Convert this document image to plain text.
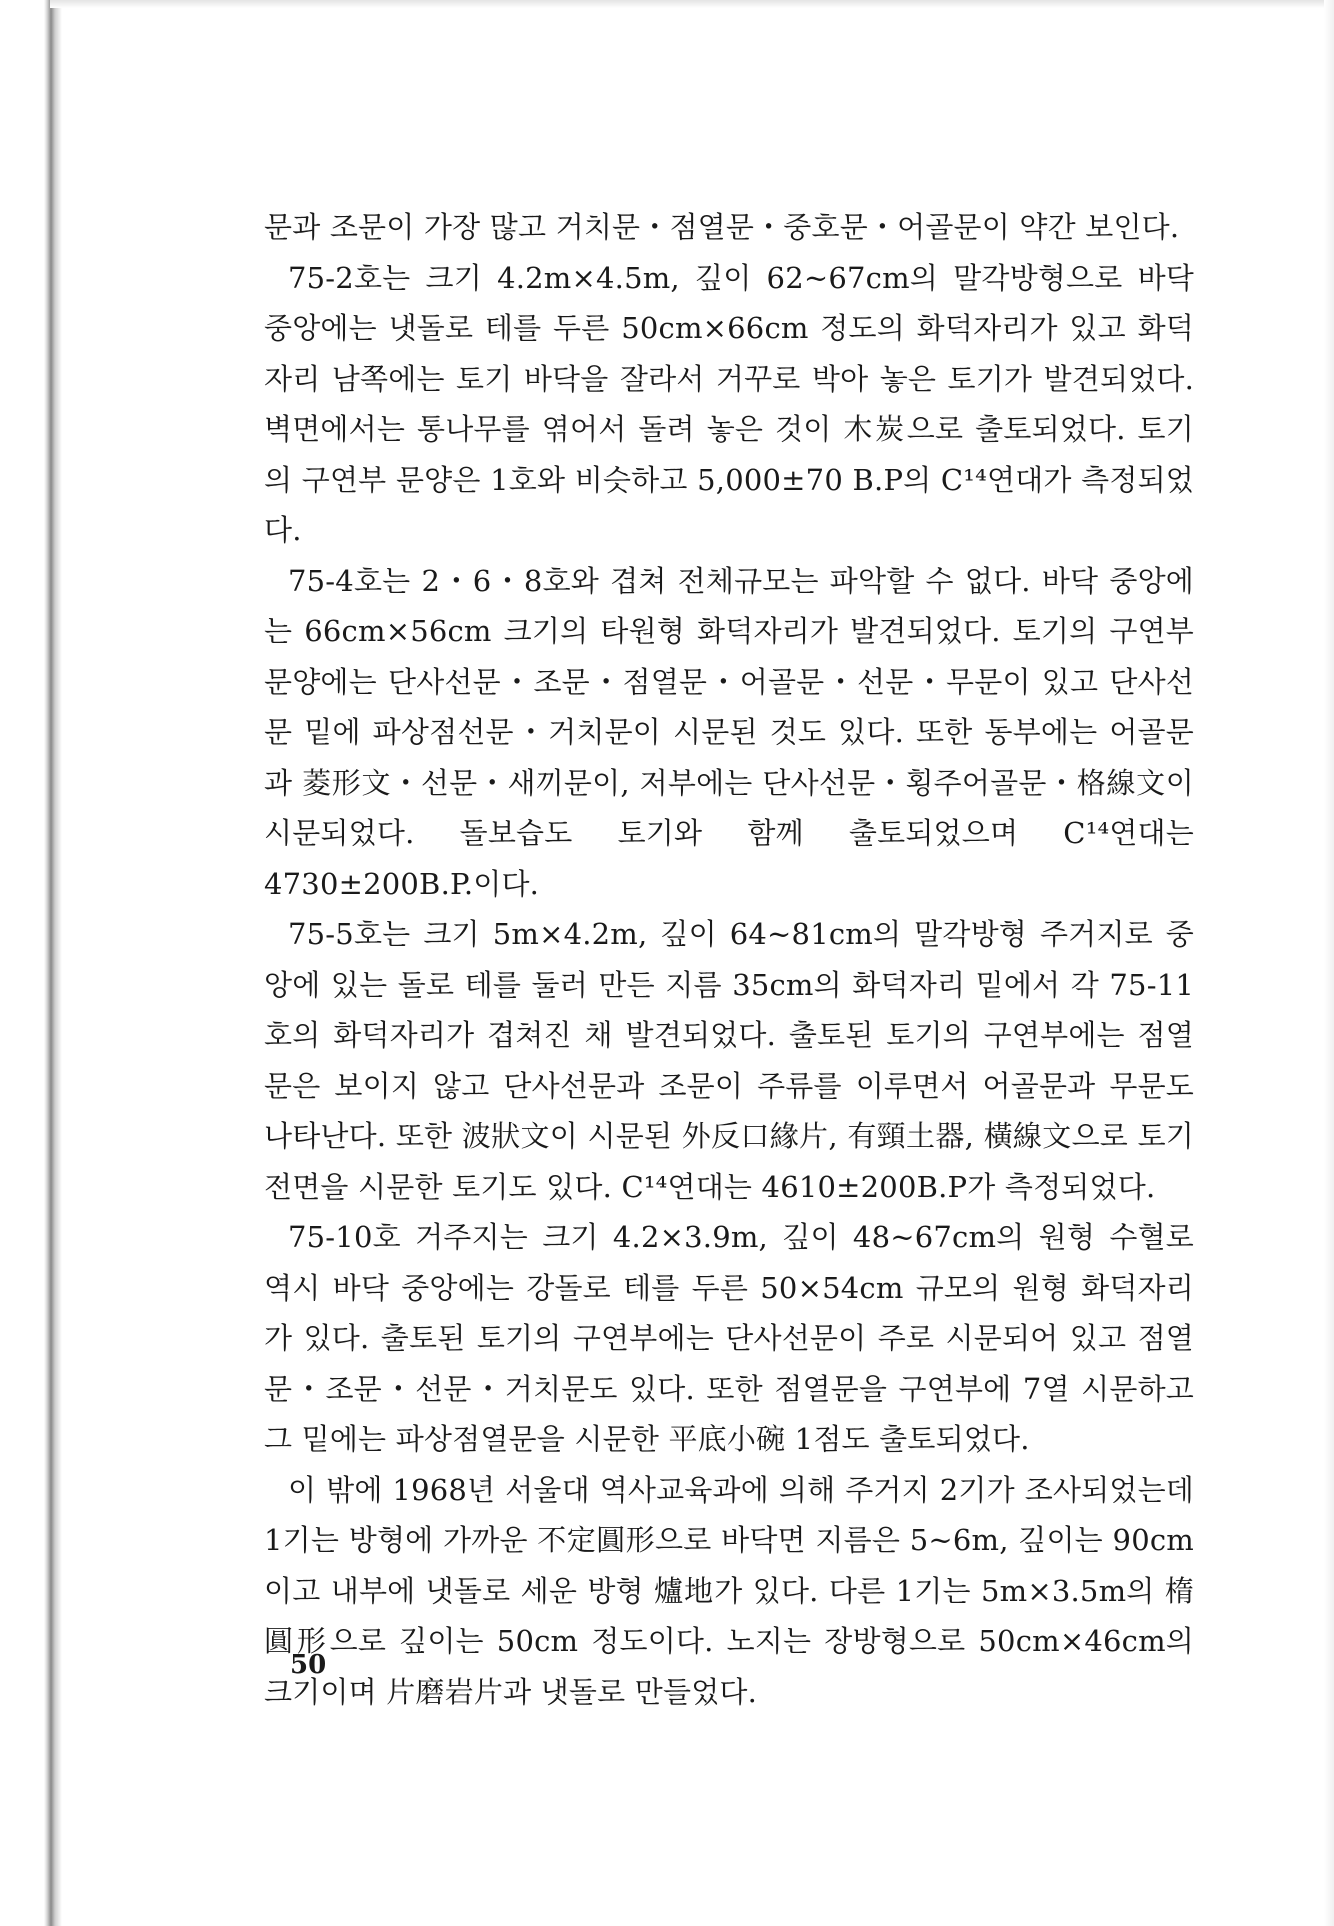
문과 조문이 가장 많고 거치문・점열문・중호문・어골문이 약간 보인다.

75-2호는 크기 4.2m×4.5m, 깊이 62~67cm의 말각방형으로 바닥 중앙에는 냇돌로 테를 두른 50cm×66cm 정도의 화덕자리가 있고 화덕자리 남쪽에는 토기 바닥을 잘라서 거꾸로 박아 놓은 토기가 발견되었다. 벽면에서는 통나무를 엮어서 돌려 놓은 것이 木炭으로 출토되었다. 토기의 구연부 문양은 1호와 비슷하고 5,000±70 B.P의 C¹⁴연대가 측정되었다.

75-4호는 2・6・8호와 겹쳐 전체규모는 파악할 수 없다. 바닥 중앙에는 66cm×56cm 크기의 타원형 화덕자리가 발견되었다. 토기의 구연부 문양에는 단사선문・조문・점열문・어골문・선문・무문이 있고 단사선문 밑에 파상점선문・거치문이 시문된 것도 있다. 또한 동부에는 어골문과 菱形文・선문・새끼문이, 저부에는 단사선문・횡주어골문・格線文이 시문되었다. 돌보습도 토기와 함께 출토되었으며 C¹⁴연대는 4730±200B.P.이다.

75-5호는 크기 5m×4.2m, 깊이 64~81cm의 말각방형 주거지로 중앙에 있는 돌로 테를 둘러 만든 지름 35cm의 화덕자리 밑에서 각 75-11호의 화덕자리가 겹쳐진 채 발견되었다. 출토된 토기의 구연부에는 점열문은 보이지 않고 단사선문과 조문이 주류를 이루면서 어골문과 무문도 나타난다. 또한 波狀文이 시문된 外反口緣片, 有頸土器, 橫線文으로 토기 전면을 시문한 토기도 있다. C¹⁴연대는 4610±200B.P가 측정되었다.

75-10호 거주지는 크기 4.2×3.9m, 깊이 48~67cm의 원형 수혈로 역시 바닥 중앙에는 강돌로 테를 두른 50×54cm 규모의 원형 화덕자리가 있다. 출토된 토기의 구연부에는 단사선문이 주로 시문되어 있고 점열문・조문・선문・거치문도 있다. 또한 점열문을 구연부에 7열 시문하고 그 밑에는 파상점열문을 시문한 平底小碗 1점도 출토되었다.

이 밖에 1968년 서울대 역사교육과에 의해 주거지 2기가 조사되었는데 1기는 방형에 가까운 不定圓形으로 바닥면 지름은 5~6m, 깊이는 90cm이고 내부에 냇돌로 세운 방형 爐地가 있다. 다른 1기는 5m×3.5m의 楕圓形으로 깊이는 50cm 정도이다. 노지는 장방형으로 50cm×46cm의 크기이며 片磨岩片과 냇돌로 만들었다.

50
